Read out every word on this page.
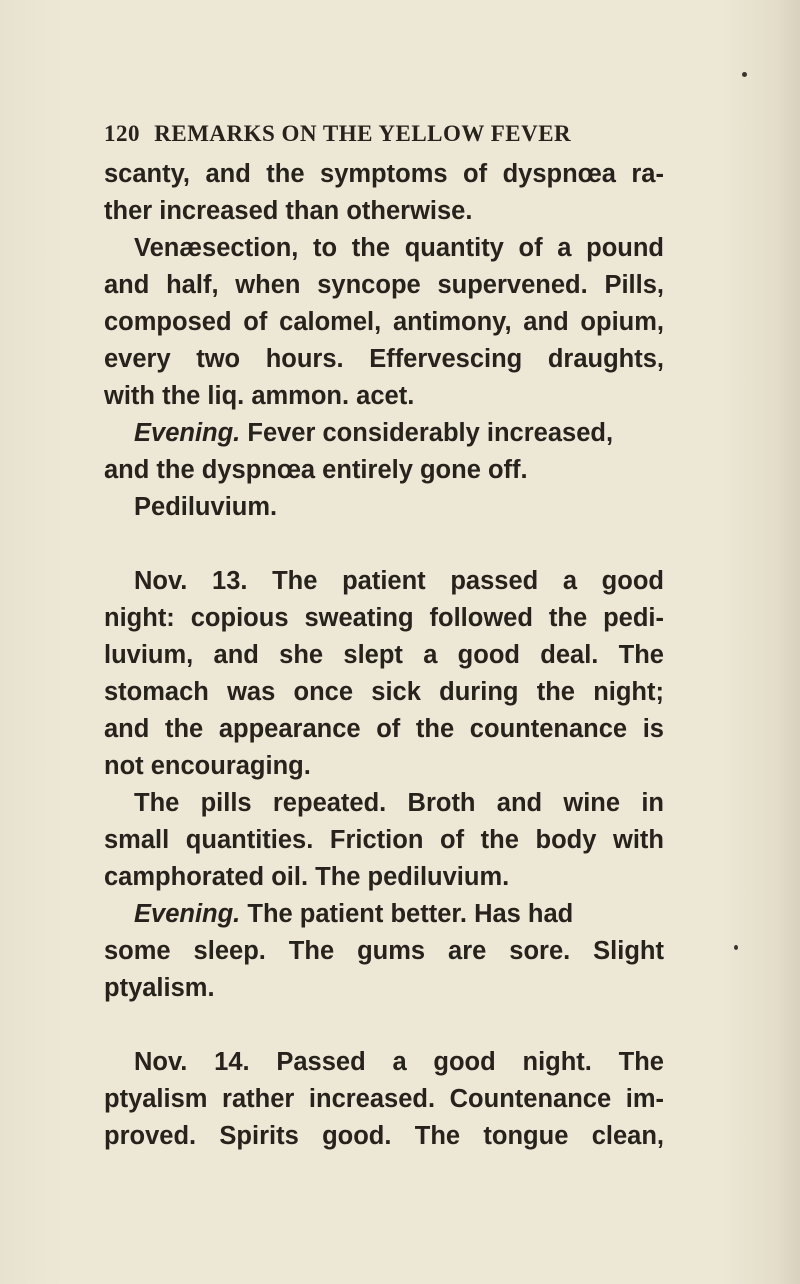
120 REMARKS ON THE YELLOW FEVER
scanty, and the symptoms of dyspnœa ra-
ther increased than otherwise.
Venæsection, to the quantity of a pound
and half, when syncope supervened. Pills,
composed of calomel, antimony, and opium,
every two hours. Effervescing draughts,
with the liq. ammon. acet.
Evening. Fever considerably increased,
and the dyspnœa entirely gone off.
Pediluvium.
Nov. 13. The patient passed a good
night: copious sweating followed the pedi-
luvium, and she slept a good deal. The
stomach was once sick during the night;
and the appearance of the countenance is
not encouraging.
The pills repeated. Broth and wine in
small quantities. Friction of the body with
camphorated oil. The pediluvium.
Evening. The patient better. Has had
some sleep. The gums are sore. Slight
ptyalism.
Nov. 14. Passed a good night. The
ptyalism rather increased. Countenance im-
proved. Spirits good. The tongue clean,
